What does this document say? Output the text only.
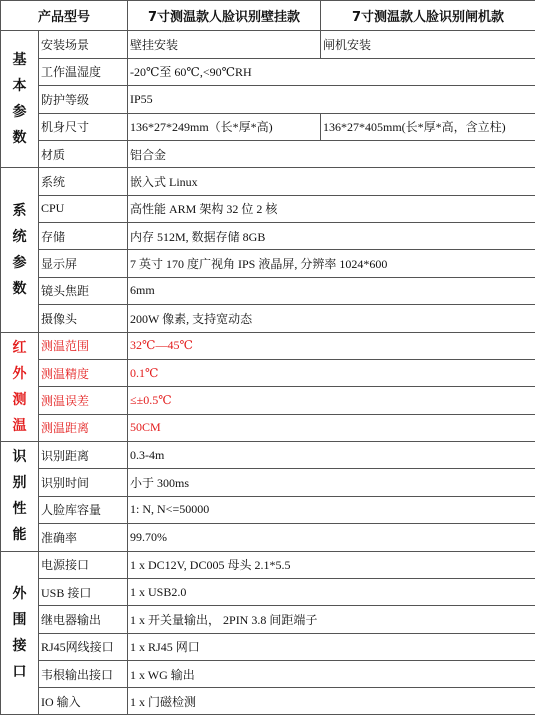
产品型号		7寸测温款人脸识别壁挂款	7寸测温款人脸识别闸机款

基本参数	安装场景	壁挂安装	闸机安装
	工作温湿度	-20℃至 60℃,<90℃RH	
	防护等级	IP55	
	机身尺寸	136*27*249mm（长*厚*高)	136*27*405mm(长*厚*高，含立柱)
	材质	铝合金	

系统参数	系统	嵌入式 Linux	
	CPU	高性能 ARM 架构 32 位 2 核	
	存储	内存 512M, 数据存储 8GB	
	显示屏	7 英寸 170 度广视角 IPS 液晶屏, 分辨率 1024*600	
	镜头焦距	6mm	
	摄像头	200W 像素, 支持宽动态	

红外测温	测温范围	32℃—45℃	
	测温精度	0.1℃	
	测温误差	≤±0.5℃	
	测温距离	50CM	

识别性能	识别距离	0.3-4m	
	识别时间	小于 300ms	
	人脸库容量	1: N, N<=50000	
	准确率	99.70%	

外围接口	电源接口	1 x DC12V, DC005 母头 2.1*5.5	
	USB 接口	1 x USB2.0	
	继电器输出	1 x 开关量输出， 2PIN 3.8 间距端子	
	RJ45网线接口	1 x RJ45 网口	
	韦根输出接口	1 x WG 输出	
	IO 输入	1 x 门磁检测	
